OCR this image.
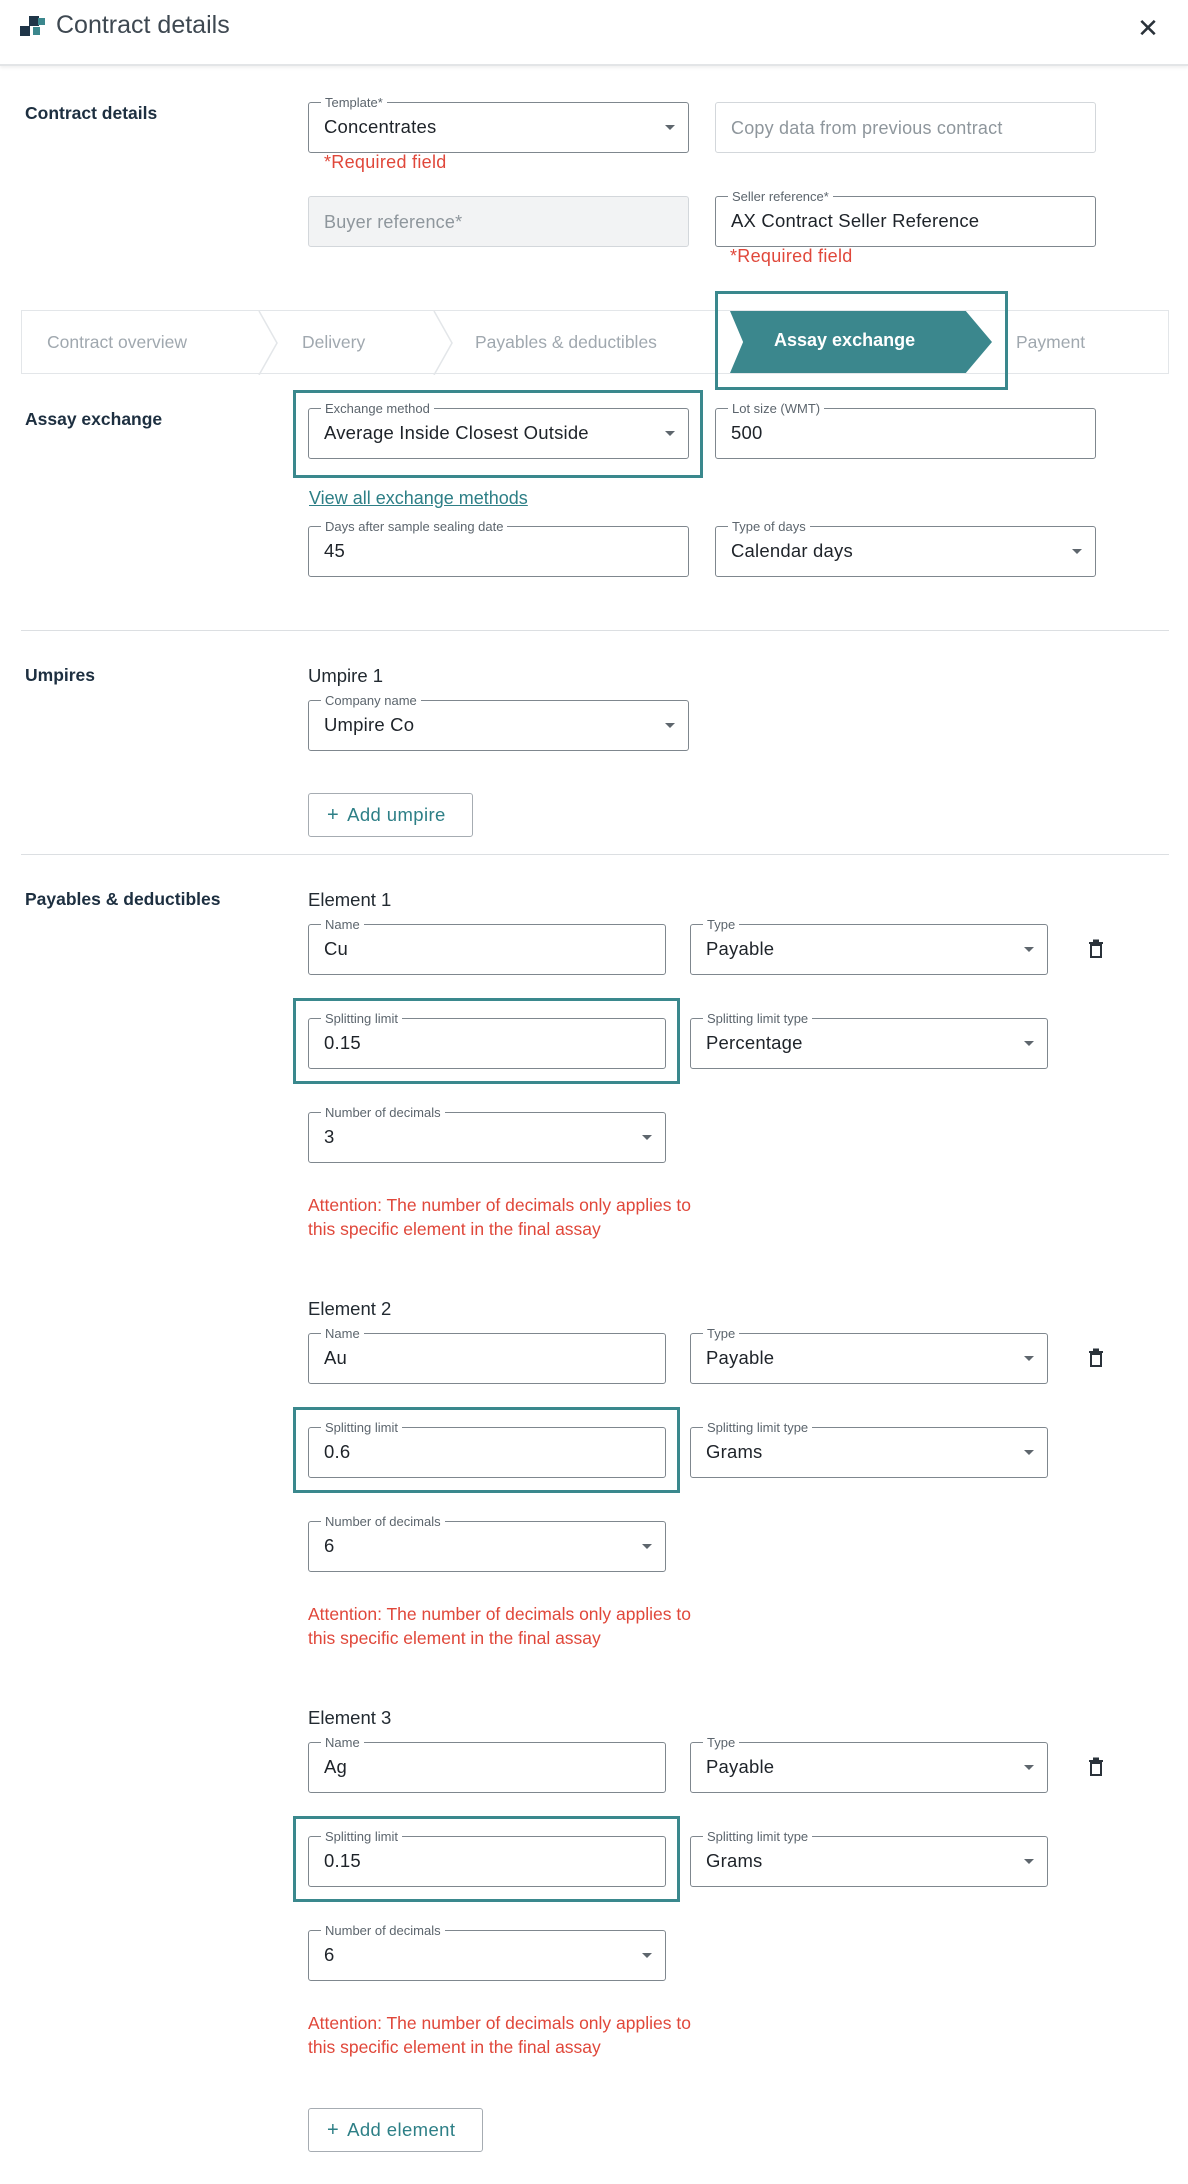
Contract details	✕
Contract details
Template*
Concentrates
*Required field
Copy data from previous contract
Buyer reference*
Seller reference*
AX Contract Seller Reference
*Required field
Contract overview	Delivery	Payables & deductibles	Payment
Assay exchange
Assay exchange
Exchange method
Average Inside Closest Outside
Lot size (WMT)
500
View all exchange methods
Days after sample sealing date
45
Type of days
Calendar days
Umpires	Umpire 1
Company name
Umpire Co
+ Add umpire
Payables & deductibles	Element 1
Name
Cu
Type
Payable
Splitting limit
0.15
Splitting limit type
Percentage
Number of decimals
3
Attention: The number of decimals only applies to this specific element in the final assay
Element 2
Name
Au
Type
Payable
Splitting limit
0.6
Splitting limit type
Grams
Number of decimals
6
Attention: The number of decimals only applies to this specific element in the final assay
Element 3
Name
Ag
Type
Payable
Splitting limit
0.15
Splitting limit type
Grams
Number of decimals
6
Attention: The number of decimals only applies to this specific element in the final assay
+ Add element
